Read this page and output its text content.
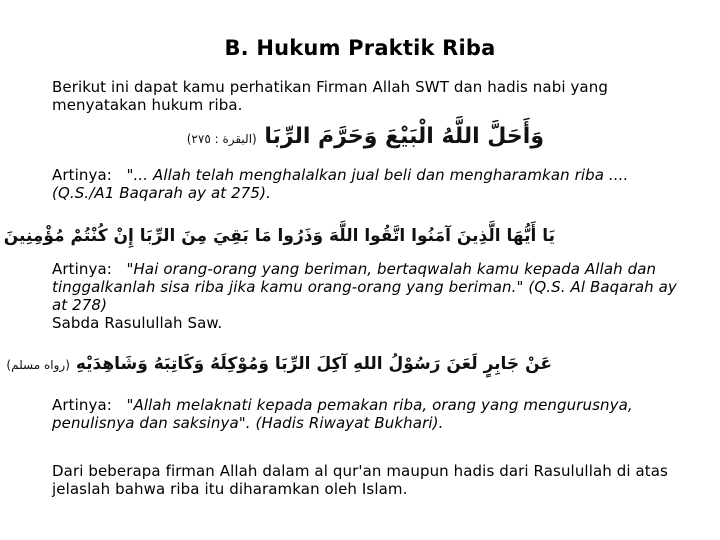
B. Hukum Praktik Riba
Berikut ini dapat kamu perhatikan Firman Allah SWT dan hadis nabi yang menyatakan hukum riba.
وَأَحَلَّ اللَّهُ الْبَيْعَ وَحَرَّمَ الرِّبَا (البقرة : ٢٧٥)
Artinya: "... Allah telah menghalalkan jual beli dan mengharamkan riba .... (Q.S./A1 Baqarah ay at 275).
يَا أَيُّهَا الَّذِينَ آمَنُوا اتَّقُوا اللَّهَ وَذَرُوا مَا بَقِيَ مِنَ الرِّبَا إِنْ كُنْتُمْ مُؤْمِنِينَ
Artinya: "Hai orang-orang yang beriman, bertaqwalah kamu kepada Allah dan tinggalkanlah sisa riba jika kamu orang-orang yang beriman." (Q.S. Al Baqarah ay at 278)
Sabda Rasulullah Saw.
عَنْ جَابِرٍ لَعَنَ رَسُوْلُ اللهِ آكِلَ الرِّبَا وَمُوْكِلَهُ وَكَاتِبَهُ وَشَاهِدَيْهِ (رواه مسلم)
Artinya: "Allah melaknati kepada pemakan riba, orang yang mengurusnya, penulisnya dan saksinya". (Hadis Riwayat Bukhari).
Dari beberapa firman Allah dalam al qur'an maupun hadis dari Rasulullah di atas jelaslah bahwa riba itu diharamkan oleh Islam.
